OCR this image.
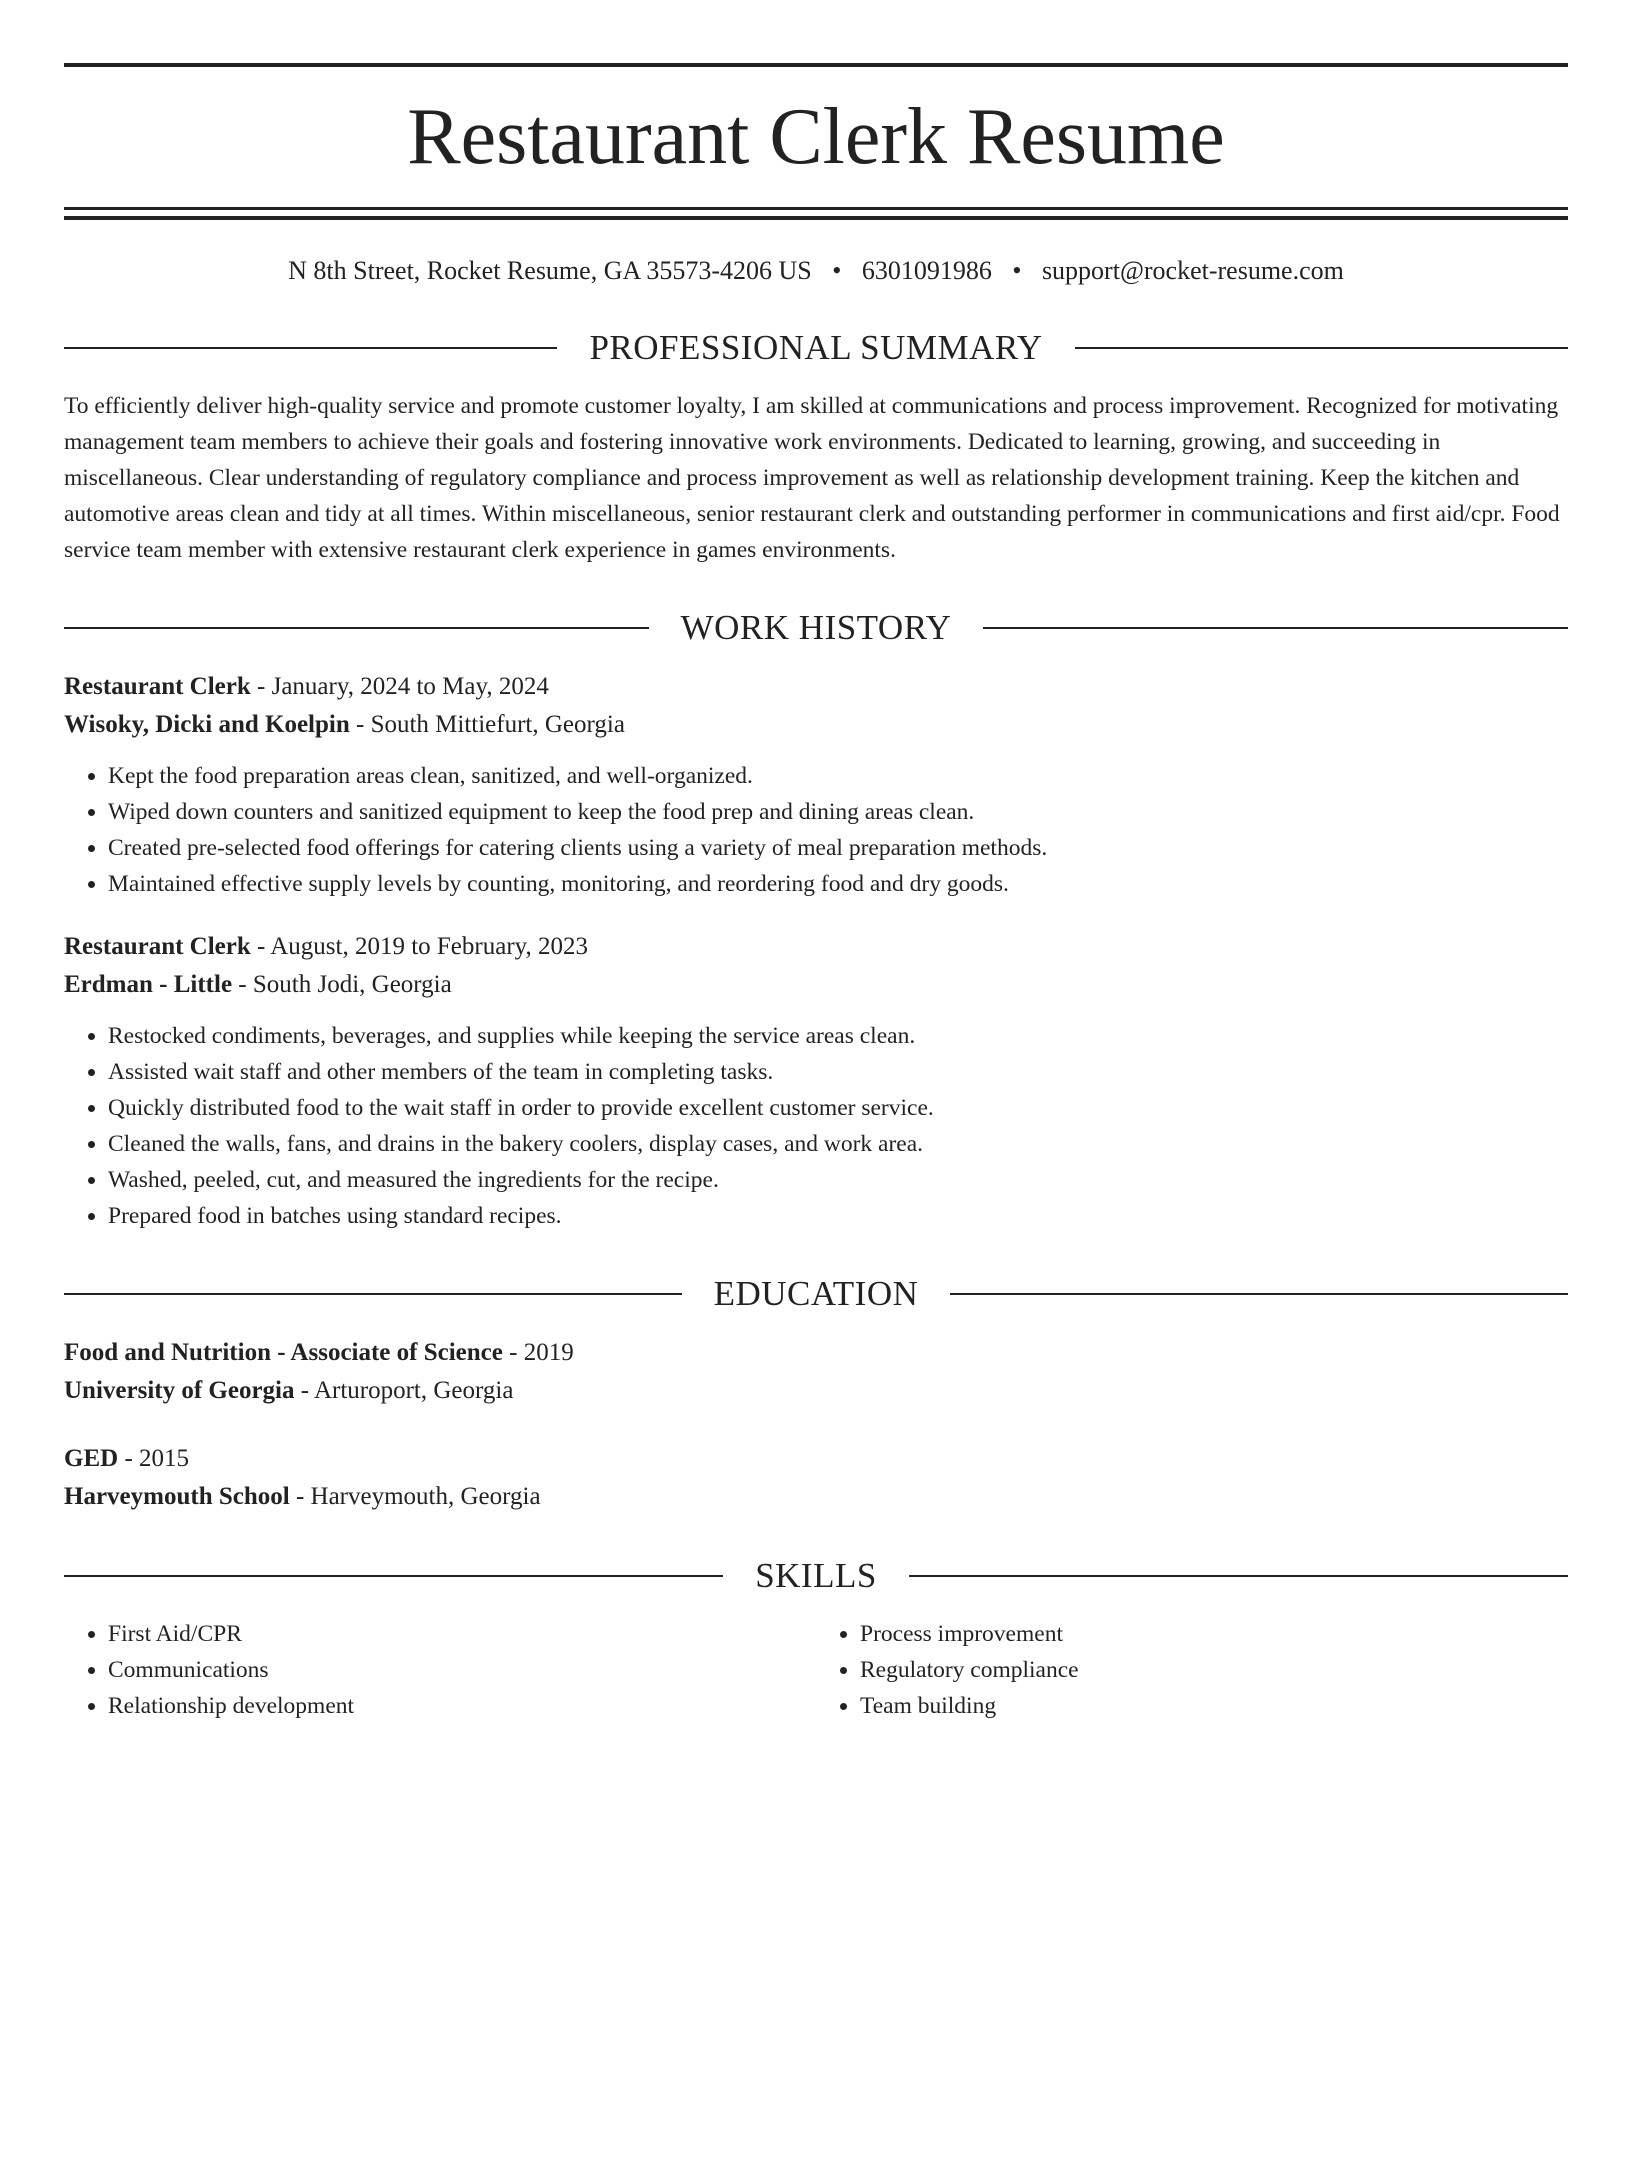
Restaurant Clerk Resume
N 8th Street, Rocket Resume, GA 35573-4206 US • 6301091986 • support@rocket-resume.com
PROFESSIONAL SUMMARY

To efficiently deliver high-quality service and promote customer loyalty, I am skilled at communications and process improvement. Recognized for motivating management team members to achieve their goals and fostering innovative work environments. Dedicated to learning, growing, and succeeding in miscellaneous. Clear understanding of regulatory compliance and process improvement as well as relationship development training. Keep the kitchen and automotive areas clean and tidy at all times. Within miscellaneous, senior restaurant clerk and outstanding performer in communications and first aid/cpr. Food service team member with extensive restaurant clerk experience in games environments.

WORK HISTORY
Restaurant Clerk - January, 2024 to May, 2024
Wisoky, Dicki and Koelpin - South Mittiefurt, Georgia
• Kept the food preparation areas clean, sanitized, and well-organized.
• Wiped down counters and sanitized equipment to keep the food prep and dining areas clean.
• Created pre-selected food offerings for catering clients using a variety of meal preparation methods.
• Maintained effective supply levels by counting, monitoring, and reordering food and dry goods.
Restaurant Clerk - August, 2019 to February, 2023
Erdman - Little - South Jodi, Georgia
• Restocked condiments, beverages, and supplies while keeping the service areas clean.
• Assisted wait staff and other members of the team in completing tasks.
• Quickly distributed food to the wait staff in order to provide excellent customer service.
• Cleaned the walls, fans, and drains in the bakery coolers, display cases, and work area.
• Washed, peeled, cut, and measured the ingredients for the recipe.
• Prepared food in batches using standard recipes.
EDUCATION
Food and Nutrition - Associate of Science - 2019
University of Georgia - Arturoport, Georgia
GED - 2015
Harveymouth School - Harveymouth, Georgia
SKILLS
• First Aid/CPR
• Communications
• Relationship development
• Process improvement
• Regulatory compliance
• Team building
